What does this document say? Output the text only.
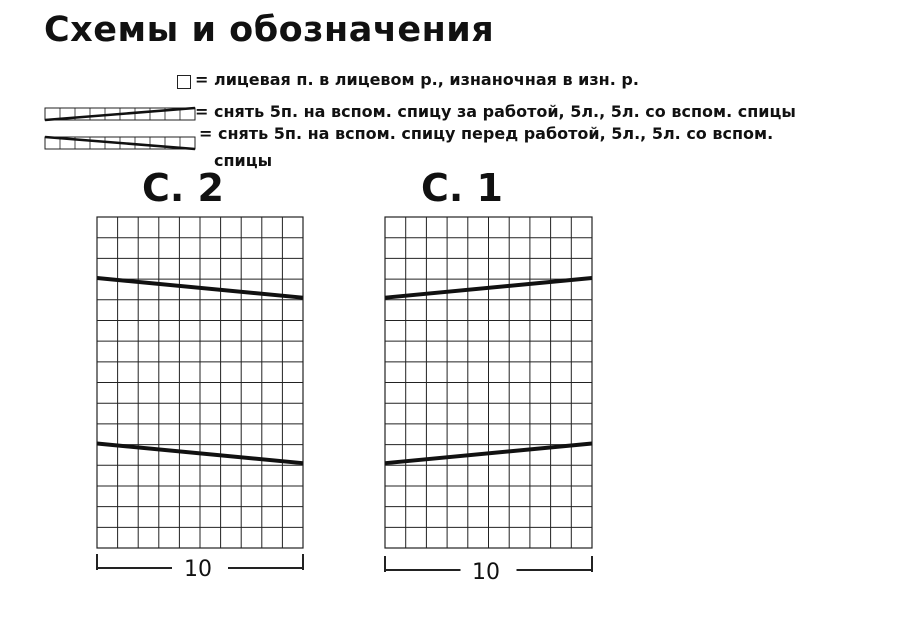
Схемы и обозначения
= лицевая п. в лицевом р., изнаночная в изн. р.
= снять 5п. на вспом. спицу за работой, 5л., 5л. со вспом. спицы
= снять 5п. на вспом. спицу перед работой, 5л., 5л. со вспом.
спицы
С. 2	С. 1
10	10
